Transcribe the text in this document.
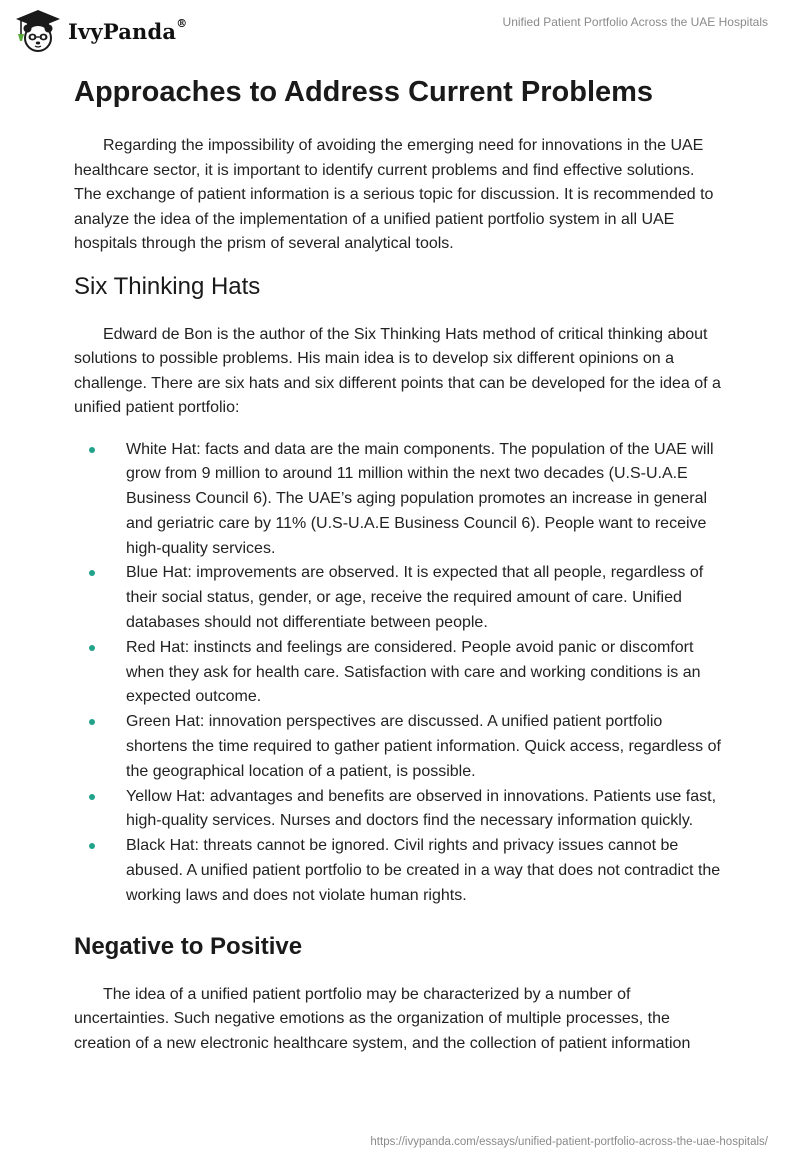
IvyPanda®	Unified Patient Portfolio Across the UAE Hospitals
Approaches to Address Current Problems

Regarding the impossibility of avoiding the emerging need for innovations in the UAE healthcare sector, it is important to identify current problems and find effective solutions. The exchange of patient information is a serious topic for discussion. It is recommended to analyze the idea of the implementation of a unified patient portfolio system in all UAE hospitals through the prism of several analytical tools.

Six Thinking Hats

Edward de Bon is the author of the Six Thinking Hats method of critical thinking about solutions to possible problems. His main idea is to develop six different opinions on a challenge. There are six hats and six different points that can be developed for the idea of a unified patient portfolio:

White Hat: facts and data are the main components. The population of the UAE will grow from 9 million to around 11 million within the next two decades (U.S-U.A.E Business Council 6). The UAE’s aging population promotes an increase in general and geriatric care by 11% (U.S-U.A.E Business Council 6). People want to receive high-quality services.
Blue Hat: improvements are observed. It is expected that all people, regardless of their social status, gender, or age, receive the required amount of care. Unified databases should not differentiate between people.
Red Hat: instincts and feelings are considered. People avoid panic or discomfort when they ask for health care. Satisfaction with care and working conditions is an expected outcome.
Green Hat: innovation perspectives are discussed. A unified patient portfolio shortens the time required to gather patient information. Quick access, regardless of the geographical location of a patient, is possible.
Yellow Hat: advantages and benefits are observed in innovations. Patients use fast, high-quality services. Nurses and doctors find the necessary information quickly.
Black Hat: threats cannot be ignored. Civil rights and privacy issues cannot be abused. A unified patient portfolio to be created in a way that does not contradict the working laws and does not violate human rights.
Negative to Positive

The idea of a unified patient portfolio may be characterized by a number of uncertainties. Such negative emotions as the organization of multiple processes, the creation of a new electronic healthcare system, and the collection of patient information

https://ivypanda.com/essays/unified-patient-portfolio-across-the-uae-hospitals/
